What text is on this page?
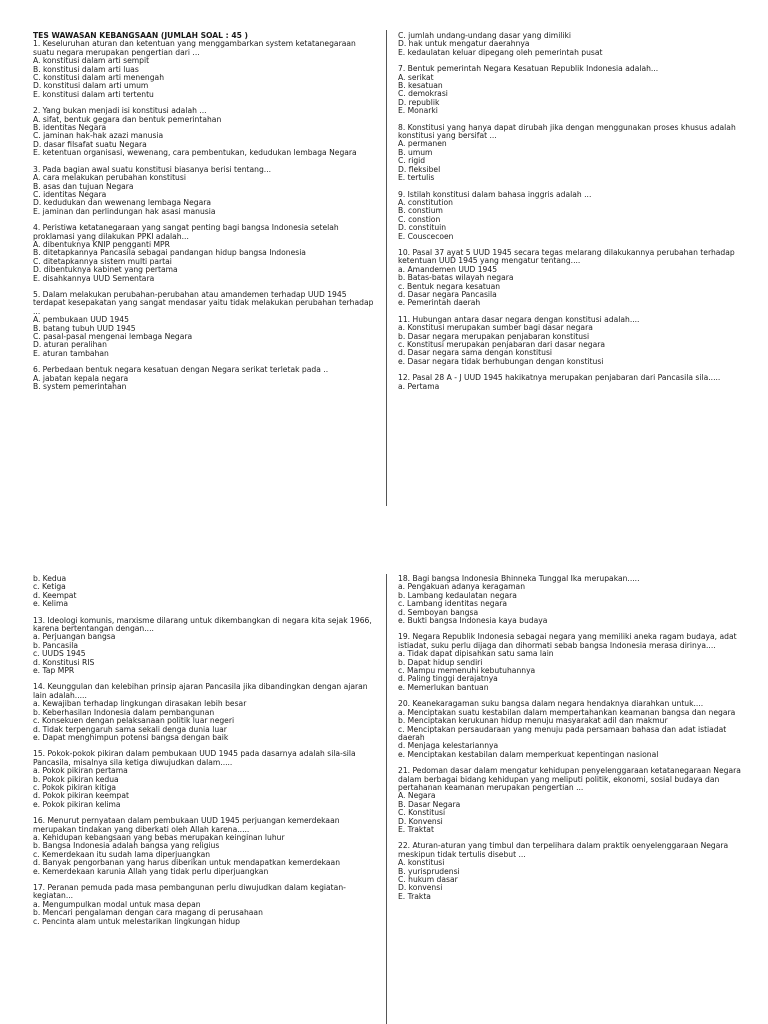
TES WAWASAN KEBANGSAAN (JUMLAH SOAL : 45 )
1. Keseluruhan aturan dan ketentuan yang menggambarkan system ketatanegaraan suatu negara merupakan pengertian dari ...
A. konstitusi dalam arti sempit
B. konstitusi dalam arti luas
C. konstitusi dalam arti menengah
D. konstitusi dalam arti umum
E. konstitusi dalam arti tertentu
2. Yang bukan menjadi isi konstitusi adalah ...
A. sifat, bentuk gegara dan bentuk pemerintahan
B. identitas Negara
C. jaminan hak-hak azazi manusia
D. dasar filsafat suatu Negara
E. ketentuan organisasi, wewenang, cara pembentukan, kedudukan lembaga Negara
3. Pada bagian awal suatu konstitusi biasanya berisi tentang...
A. cara melakukan perubahan konstitusi
B. asas dan tujuan Negara
C. identitas Negara
D. kedudukan dan wewenang lembaga Negara
E. jaminan dan perlindungan hak asasi manusia
4. Peristiwa ketatanegaraan yang sangat penting bagi bangsa Indonesia setelah proklamasi yang dilakukan PPKI adalah...
A. dibentuknya KNIP pengganti MPR
B. ditetapkannya Pancasila sebagai pandangan hidup bangsa Indonesia
C. ditetapkannya sistem multi partai
D. dibentuknya kabinet yang pertama
E. disahkannya UUD Sementara
5. Dalam melakukan perubahan-perubahan atau amandemen terhadap UUD 1945 terdapat kesepakatan yang sangat mendasar yaitu tidak melakukan perubahan terhadap ...
A. pembukaan UUD 1945
B. batang tubuh UUD 1945
C. pasal-pasal mengenai lembaga Negara
D. aturan peralihan
E. aturan tambahan
6. Perbedaan bentuk negara kesatuan dengan Negara serikat terletak pada ..
A. jabatan kepala negara
B. system pemerintahan
C. jumlah undang-undang dasar yang dimiliki
D. hak untuk mengatur daerahnya
E. kedaulatan keluar dipegang oleh pemerintah pusat
7. Bentuk pemerintah Negara Kesatuan Republik Indonesia adalah...
A. serikat
B. kesatuan
C. demokrasi
D. republik
E. Monarki
8. Konstitusi yang hanya dapat dirubah jika dengan menggunakan proses khusus adalah konstitusi yang bersifat ...
A. permanen
B. umum
C. rigid
D. fleksibel
E. tertulis
9. Istilah konstitusi dalam bahasa inggris adalah ...
A. constitution
B. constium
C. constion
D. constituin
E. Couscecoen
10. Pasal 37 ayat 5 UUD 1945 secara tegas melarang dilakukannya perubahan terhadap ketentuan UUD 1945 yang mengatur tentang....
a. Amandemen UUD 1945
b. Batas-batas wilayah negara
c. Bentuk negara kesatuan
d. Dasar negara Pancasila
e. Pemerintah daerah
11. Hubungan antara dasar negara dengan konstitusi adalah....
a. Konstitusi merupakan sumber bagi dasar negara
b. Dasar negara merupakan penjabaran konstitusi
c. Konstitusi merupakan penjabaran dari dasar negara
d. Dasar negara sama dengan konstitusi
e. Dasar negara tidak berhubungan dengan konstitusi
12. Pasal 28 A - J UUD 1945 hakikatnya merupakan penjabaran dari Pancasila sila.....
a. Pertama
b. Kedua
c. Ketiga
d. Keempat
e. Kelima
13. Ideologi komunis, marxisme dilarang untuk dikembangkan di negara kita sejak 1966, karena bertentangan dengan....
a. Perjuangan bangsa
b. Pancasila
c. UUDS 1945
d. Konstitusi RIS
e. Tap MPR
14. Keunggulan dan kelebihan prinsip ajaran Pancasila jika dibandingkan dengan ajaran lain adalah.....
a. Kewajiban terhadap lingkungan dirasakan lebih besar
b. Keberhasilan Indonesia dalam pembangunan
c. Konsekuen dengan pelaksanaan politik luar negeri
d. Tidak terpengaruh sama sekali denga dunia luar
e. Dapat menghimpun potensi bangsa dengan baik
15. Pokok-pokok pikiran dalam pembukaan UUD 1945 pada dasarnya adalah sila-sila Pancasila, misalnya sila ketiga diwujudkan dalam.....
a. Pokok pikiran pertama
b. Pokok pikiran kedua
c. Pokok pikiran kitiga
d. Pokok pikiran keempat
e. Pokok pikiran kelima
16. Menurut pernyataan dalam pembukaan UUD 1945 perjuangan kemerdekaan merupakan tindakan yang diberkati oleh Allah karena.....
a. Kehidupan kebangsaan yang bebas merupakan keinginan luhur
b. Bangsa Indonesia adalah bangsa yang religius
c. Kemerdekaan itu sudah lama diperjuangkan
d. Banyak pengorbanan yang harus diberikan untuk mendapatkan kemerdekaan
e. Kemerdekaan karunia Allah yang tidak perlu diperjuangkan
17. Peranan pemuda pada masa pembangunan perlu diwujudkan dalam kegiatan-kegiatan...
a. Mengumpulkan modal untuk masa depan
b. Mencari pengalaman dengan cara magang di perusahaan
c. Pencinta alam untuk melestarikan lingkungan hidup
18. Bagi bangsa Indonesia Bhinneka Tunggal Ika merupakan.....
a. Pengakuan adanya keragaman
b. Lambang kedaulatan negara
c. Lambang identitas negara
d. Semboyan bangsa
e. Bukti bangsa Indonesia kaya budaya
19. Negara Republik Indonesia sebagai negara yang memiliki aneka ragam budaya, adat istiadat, suku perlu dijaga dan dihormati sebab bangsa Indonesia merasa dirinya....
a. Tidak dapat dipisahkan satu sama lain
b. Dapat hidup sendiri
c. Mampu memenuhi kebutuhannya
d. Paling tinggi derajatnya
e. Memerlukan bantuan
20. Keanekaragaman suku bangsa dalam negara hendaknya diarahkan untuk....
a. Menciptakan suatu kestabilan dalam mempertahankan keamanan bangsa dan negara
b. Menciptakan kerukunan hidup menuju masyarakat adil dan makmur
c. Menciptakan persaudaraan yang menuju pada persamaan bahasa dan adat istiadat daerah
d. Menjaga kelestariannya
e. Menciptakan kestabilan dalam memperkuat kepentingan nasional
21. Pedoman dasar dalam mengatur kehidupan penyelenggaraan ketatanegaraan Negara dalam berbagai bidang kehidupan yang meliputi politik, ekonomi, sosial budaya dan pertahanan keamanan merupakan pengertian ...
A. Negara
B. Dasar Negara
C. Konstitusi
D. Konvensi
E. Traktat
22. Aturan-aturan yang timbul dan terpelihara dalam praktik oenyelenggaraan Negara meskipun tidak tertulis disebut ...
A. konstitusi
B. yurisprudensi
C. hukum dasar
D. konvensi
E. Trakta
